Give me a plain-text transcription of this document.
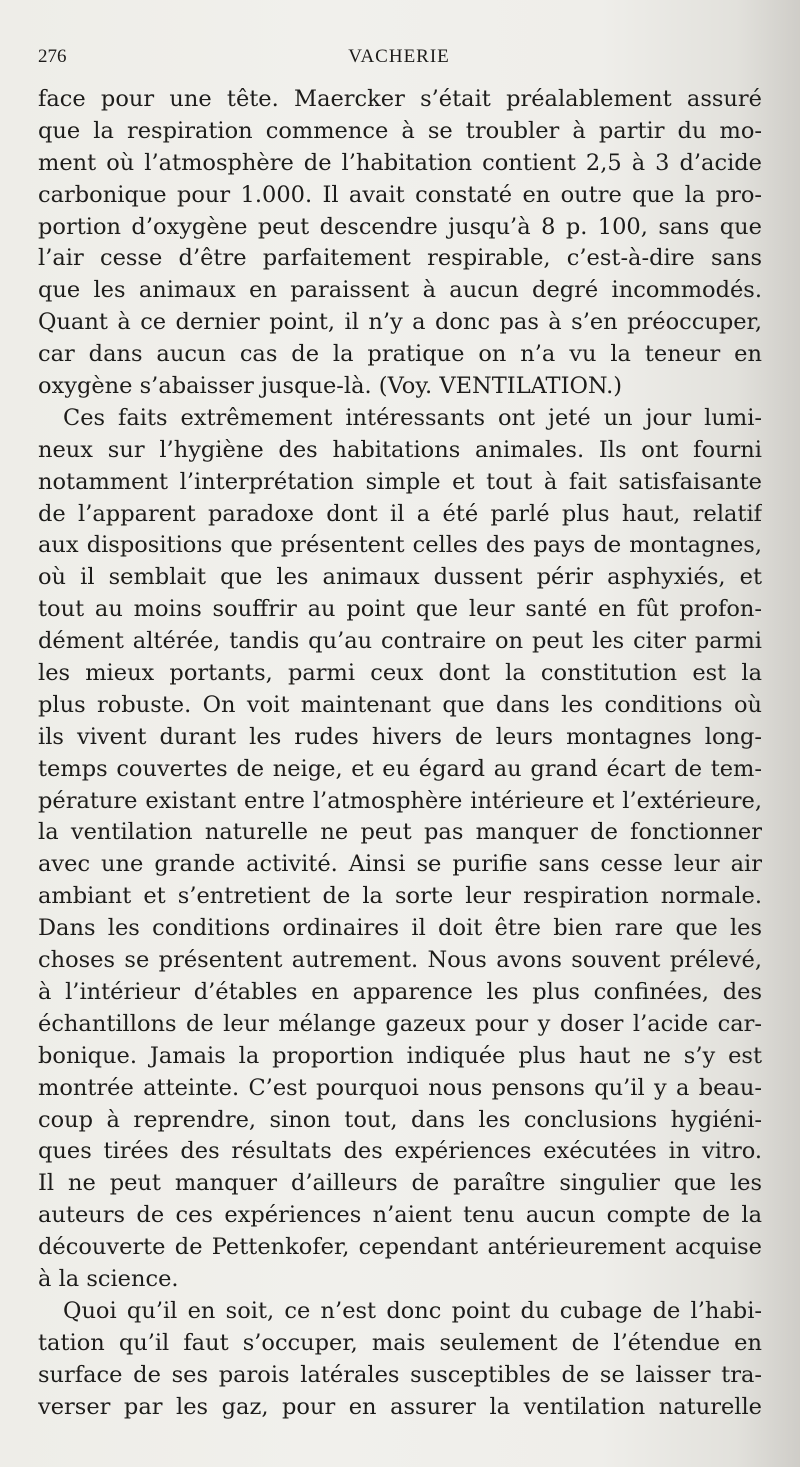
276	VACHERIE
face pour une tête. Maercker s’était préalablement assuré
que la respiration commence à se troubler à partir du mo-
ment où l’atmosphère de l’habitation contient 2,5 à 3 d’acide
carbonique pour 1.000. Il avait constaté en outre que la pro-
portion d’oxygène peut descendre jusqu’à 8 p. 100, sans que
l’air cesse d’être parfaitement respirable, c’est-à-dire sans
que les animaux en paraissent à aucun degré incommodés.
Quant à ce dernier point, il n’y a donc pas à s’en préoccuper,
car dans aucun cas de la pratique on n’a vu la teneur en
oxygène s’abaisser jusque-là. (Voy. VENTILATION.)
Ces faits extrêmement intéressants ont jeté un jour lumi-
neux sur l’hygiène des habitations animales. Ils ont fourni
notamment l’interprétation simple et tout à fait satisfaisante
de l’apparent paradoxe dont il a été parlé plus haut, relatif
aux dispositions que présentent celles des pays de montagnes,
où il semblait que les animaux dussent périr asphyxiés, et
tout au moins souffrir au point que leur santé en fût profon-
dément altérée, tandis qu’au contraire on peut les citer parmi
les mieux portants, parmi ceux dont la constitution est la
plus robuste. On voit maintenant que dans les conditions où
ils vivent durant les rudes hivers de leurs montagnes long-
temps couvertes de neige, et eu égard au grand écart de tem-
pérature existant entre l’atmosphère intérieure et l’extérieure,
la ventilation naturelle ne peut pas manquer de fonctionner
avec une grande activité. Ainsi se purifie sans cesse leur air
ambiant et s’entretient de la sorte leur respiration normale.
Dans les conditions ordinaires il doit être bien rare que les
choses se présentent autrement. Nous avons souvent prélevé,
à l’intérieur d’étables en apparence les plus confinées, des
échantillons de leur mélange gazeux pour y doser l’acide car-
bonique. Jamais la proportion indiquée plus haut ne s’y est
montrée atteinte. C’est pourquoi nous pensons qu’il y a beau-
coup à reprendre, sinon tout, dans les conclusions hygiéni-
ques tirées des résultats des expériences exécutées in vitro.
Il ne peut manquer d’ailleurs de paraître singulier que les
auteurs de ces expériences n’aient tenu aucun compte de la
découverte de Pettenkofer, cependant antérieurement acquise
à la science.
Quoi qu’il en soit, ce n’est donc point du cubage de l’habi-
tation qu’il faut s’occuper, mais seulement de l’étendue en
surface de ses parois latérales susceptibles de se laisser tra-
verser par les gaz, pour en assurer la ventilation naturelle
